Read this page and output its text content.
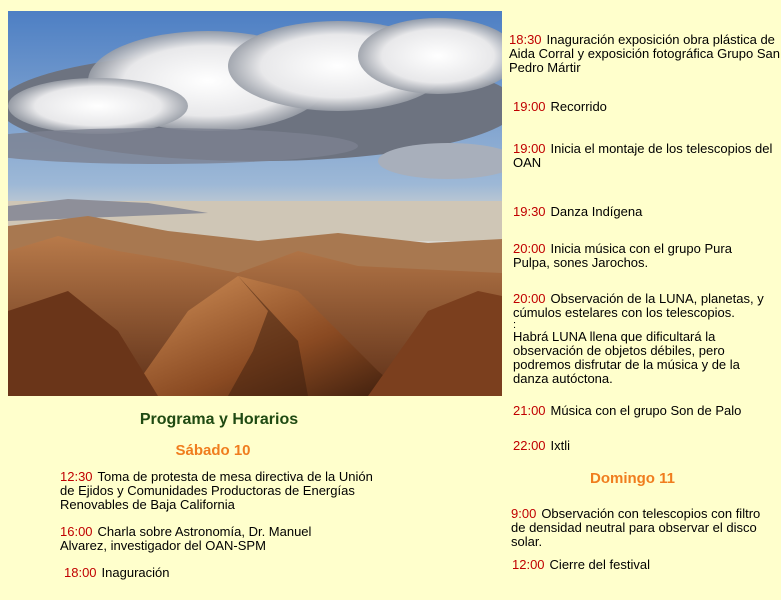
Programa y Horarios
Sábado 10

12:30 Toma de protesta de mesa directiva de la Unión de Ejidos y Comunidades Productoras de Energías Renovables de Baja California

16:00 Charla sobre Astronomía, Dr. Manuel Alvarez, investigador del OAN-SPM

18:00 Inaguración

18:30 Inaguración exposición obra plástica de Aida Corral y exposición fotográfica Grupo San Pedro Mártir

19:00 Recorrido

19:00 Inicia el montaje de los telescopios del OAN

19:30 Danza Indígena

20:00 Inicia música con el grupo Pura Pulpa, sones Jarochos.

20:00 Observación de la LUNA, planetas, y cúmulos estelares con los telescopios.
:
Habrá LUNA llena que dificultará la observación de objetos débiles, pero podremos disfrutar de la música y de la danza autóctona.

21:00 Música con el grupo Son de Palo

22:00 Ixtli

Domingo 11

9:00 Observación con telescopios con filtro de densidad neutral para observar el disco solar.

12:00 Cierre del festival
